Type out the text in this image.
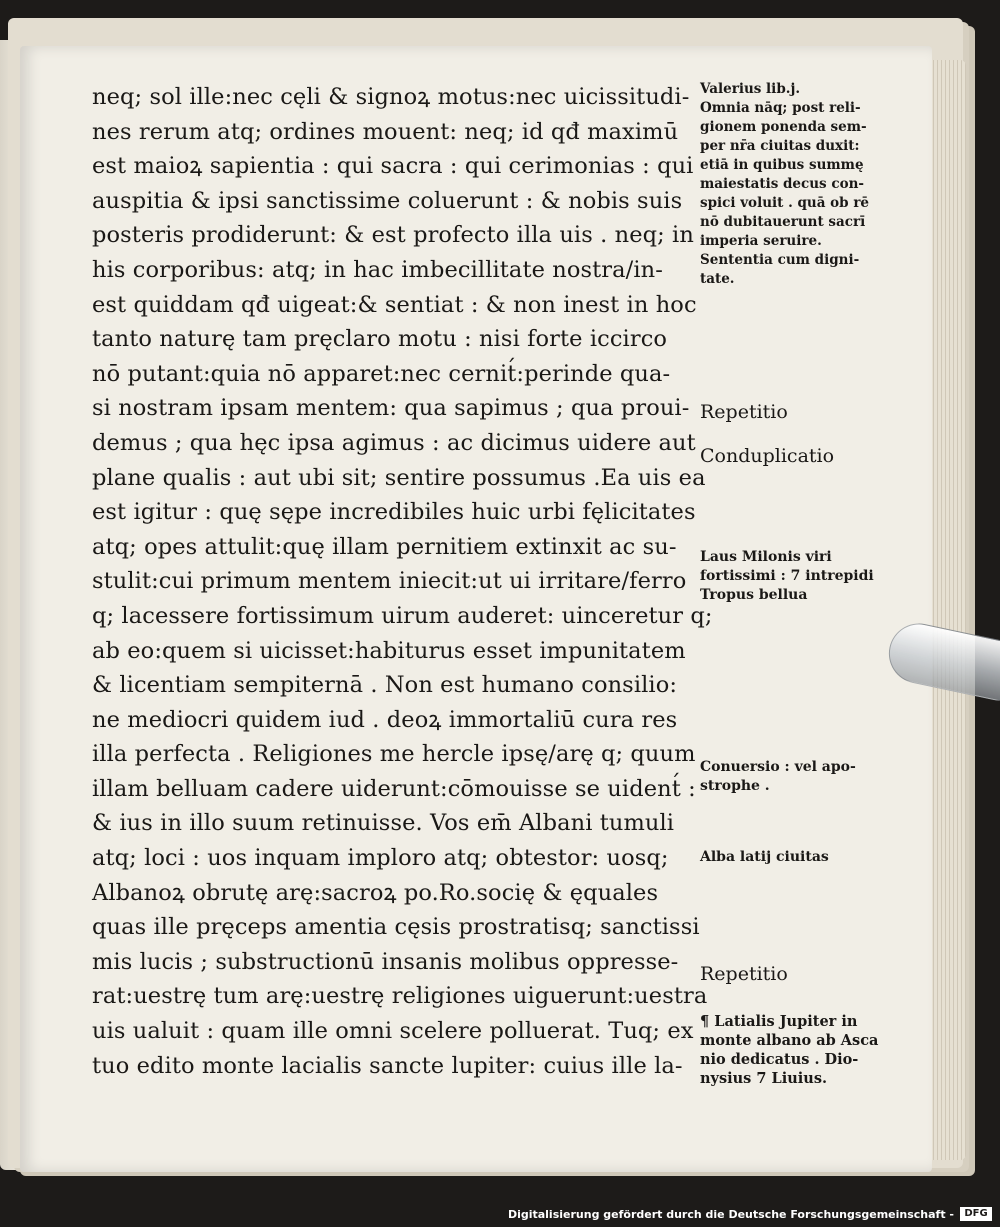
neq; sol ille:nec cęli & signoꝝ motus:nec uicissitudi-
nes rerum atq; ordines mouent: neq; id qđ maximū
est maioꝝ sapientia : qui sacra : qui cerimonias : qui
auspitia & ipsi sanctissime coluerunt : & nobis suis
posteris prodiderunt: & est profecto illa uis . neq; in
his corporibus: atq; in hac imbecillitate nostra/in-
est quiddam qđ uigeat:& sentiat : & non inest in hoc
tanto naturę tam pręclaro motu : nisi forte iccirco
nō putant:quia nō apparet:nec cernit́:perinde qua-
si nostram ipsam mentem: qua sapimus ; qua proui-
demus ; qua hęc ipsa agimus : ac dicimus uidere aut
plane qualis : aut ubi sit; sentire possumus .Ea uis ea
est igitur : quę sępe incredibiles huic urbi fęlicitates
atq; opes attulit:quę illam pernitiem extinxit ac su-
stulit:cui primum mentem iniecit:ut ui irritare/ferro
q; lacessere fortissimum uirum auderet: uinceretur q;
ab eo:quem si uicisset:habiturus esset impunitatem
& licentiam sempiternā . Non est humano consilio:
ne mediocri quidem iud . deoꝝ immortaliū cura res
illa perfecta . Religiones me hercle ipsę/arę q; quum
illam belluam cadere uiderunt:cōmouisse se uident́ :
& ius in illo suum retinuisse. Vos em̄ Albani tumuli
atq; loci : uos inquam imploro atq; obtestor: uosq;
Albanoꝝ obrutę arę:sacroꝝ po.Ro.socię & ęquales
quas ille pręceps amentia cęsis prostratisq; sanctissi
mis lucis ; substructionū insanis molibus oppresse-
rat:uestrę tum arę:uestrę religiones uiguerunt:uestra
uis ualuit : quam ille omni scelere polluerat. Tuq; ex
tuo edito monte lacialis sancte lupiter: cuius ille la-
Valerius lib.j.
Omnia nāq; post reli-
gionem ponenda sem-
per nr̄a ciuitas duxit:
etiā in quibus summę
maiestatis decus con-
spici voluit . quā ob rē
nō dubitauerunt sacrī
imperia seruire.
Sententia cum digni-
tate.
Repetitio
Conduplicatio
Laus Milonis viri
fortissimi : 7 intrepidi
Tropus bellua
Conuersio : vel apo-
strophe .
Alba latij ciuitas
Repetitio
¶ Latialis Jupiter in
monte albano ab Asca
nio dedicatus . Dio-
nysius 7 Liuius.
Digitalisierung gefördert durch die Deutsche Forschungsgemeinschaft -	DFG
